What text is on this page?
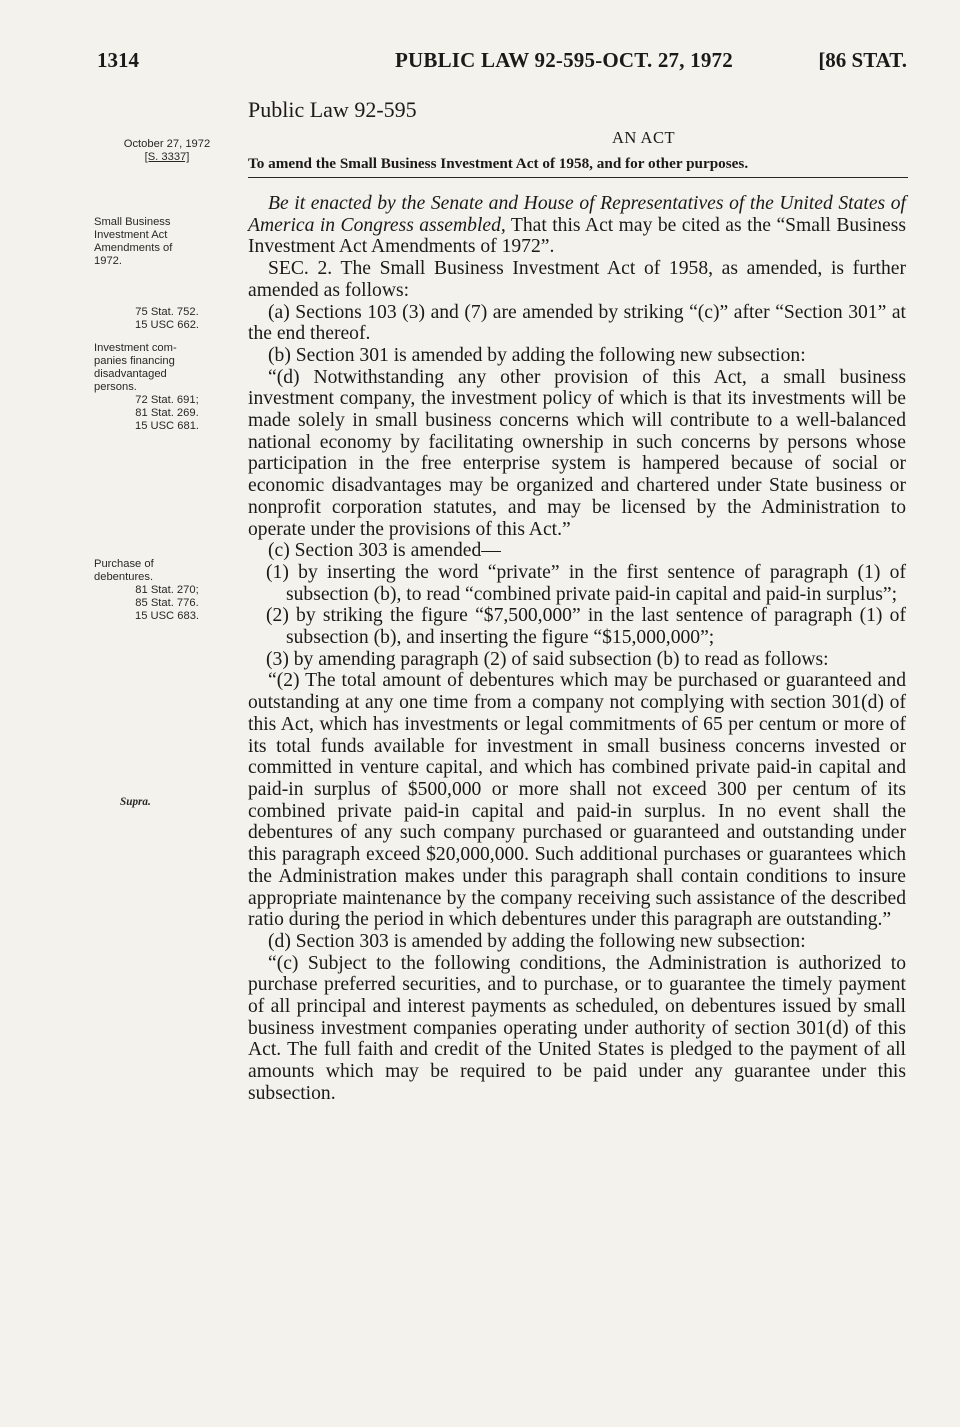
1314	PUBLIC LAW 92-595-OCT. 27, 1972	[86 STAT.
October 27, 1972
[S. 3337]
Small Business
Investment Act
Amendments of
1972.
75 Stat. 752.
15 USC 662.
Investment com-
panies financing
disadvantaged
persons.
72 Stat. 691;
81 Stat. 269.
15 USC 681.
Purchase of
debentures.
81 Stat. 270;
85 Stat. 776.
15 USC 683.
Supra.
Public Law 92-595
AN ACT
To amend the Small Business Investment Act of 1958, and for other purposes.

Be it enacted by the Senate and House of Representatives of the United States of America in Congress assembled, That this Act may be cited as the “Small Business Investment Act Amendments of 1972”.

SEC. 2. The Small Business Investment Act of 1958, as amended, is further amended as follows:

(a) Sections 103 (3) and (7) are amended by striking “(c)” after “Section 301” at the end thereof.

(b) Section 301 is amended by adding the following new subsection:

“(d) Notwithstanding any other provision of this Act, a small business investment company, the investment policy of which is that its investments will be made solely in small business concerns which will contribute to a well-balanced national economy by facilitating ownership in such concerns by persons whose participation in the free enterprise system is hampered because of social or economic disadvantages may be organized and chartered under State business or nonprofit corporation statutes, and may be licensed by the Administration to operate under the provisions of this Act.”

(c) Section 303 is amended—

(1) by inserting the word “private” in the first sentence of paragraph (1) of subsection (b), to read “combined private paid-in capital and paid-in surplus”;

(2) by striking the figure “$7,500,000” in the last sentence of paragraph (1) of subsection (b), and inserting the figure “$15,000,000”;

(3) by amending paragraph (2) of said subsection (b) to read as follows:

“(2) The total amount of debentures which may be purchased or guaranteed and outstanding at any one time from a company not complying with section 301(d) of this Act, which has investments or legal commitments of 65 per centum or more of its total funds available for investment in small business concerns invested or committed in venture capital, and which has combined private paid-in capital and paid-in surplus of $500,000 or more shall not exceed 300 per centum of its combined private paid-in capital and paid-in surplus. In no event shall the debentures of any such company purchased or guaranteed and outstanding under this paragraph exceed $20,000,000. Such additional purchases or guarantees which the Administration makes under this paragraph shall contain conditions to insure appropriate maintenance by the company receiving such assistance of the described ratio during the period in which debentures under this paragraph are outstanding.”

(d) Section 303 is amended by adding the following new subsection:

“(c) Subject to the following conditions, the Administration is authorized to purchase preferred securities, and to purchase, or to guarantee the timely payment of all principal and interest payments as scheduled, on debentures issued by small business investment companies operating under authority of section 301(d) of this Act. The full faith and credit of the United States is pledged to the payment of all amounts which may be required to be paid under any guarantee under this subsection.
